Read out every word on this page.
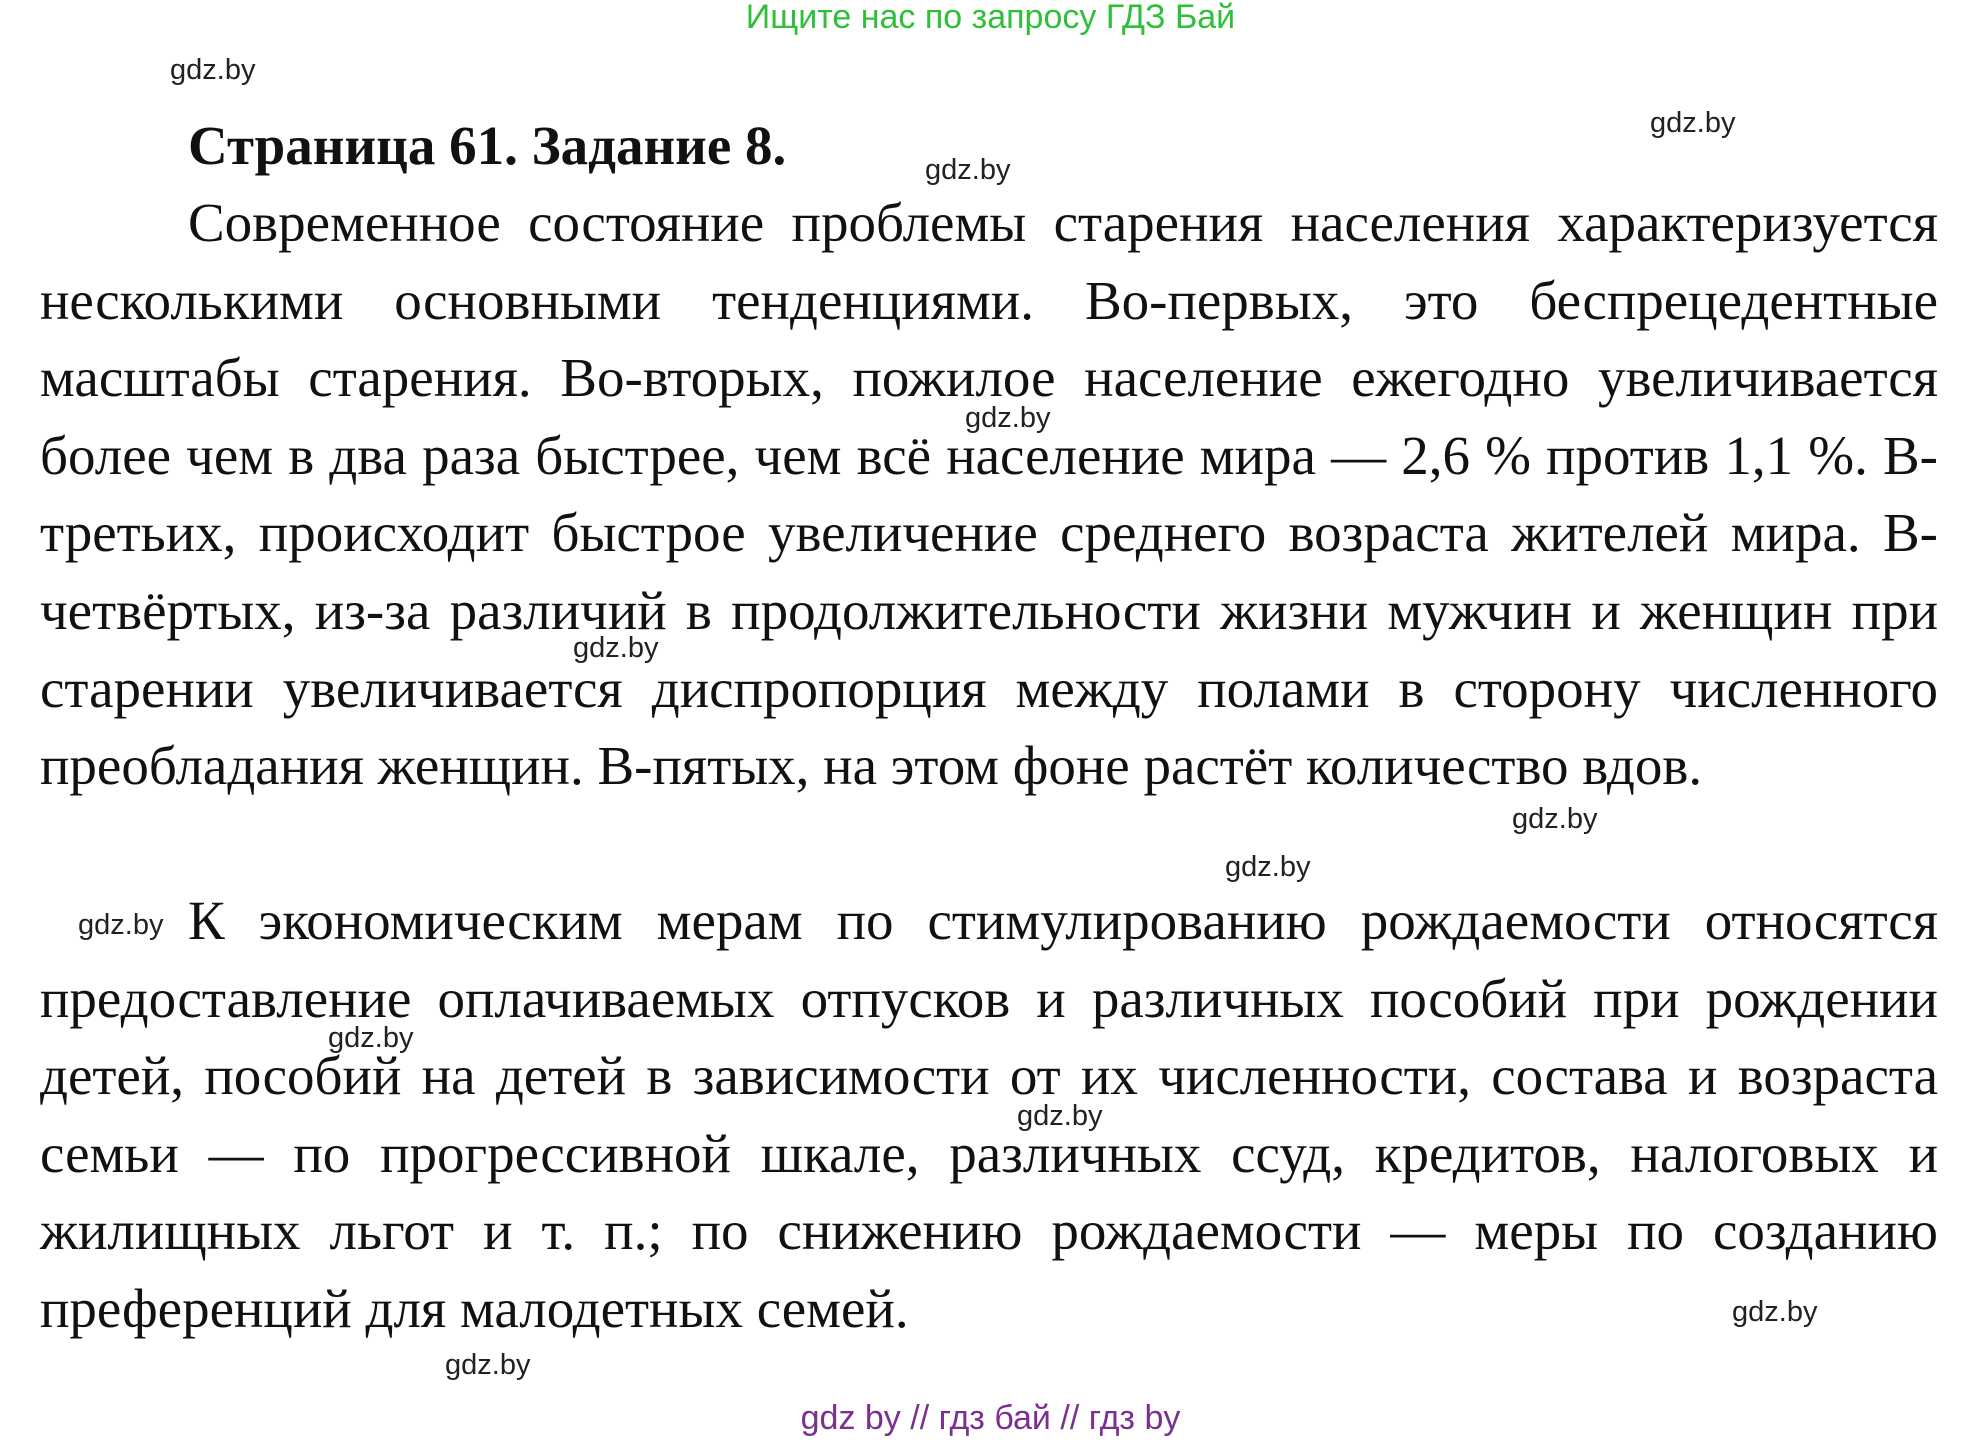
Ищите нас по запросу ГДЗ Бай
Страница 61. Задание 8.

Современное состояние проблемы старения населения характеризуется несколькими основными тенденциями. Во-первых, это беспрецедентные масштабы старения. Во-вторых, пожилое население ежегодно увеличивается более чем в два раза быстрее, чем всё население мира — 2,6 % против 1,1 %. В-третьих, происходит быстрое увеличение среднего возраста жителей мира. В-четвёртых, из-за различий в продолжительности жизни мужчин и женщин при старении увеличивается диспропорция между полами в сторону численного преобладания женщин. В-пятых, на этом фоне растёт количество вдов.

К экономическим мерам по стимулированию рождаемости относятся предоставление оплачиваемых отпусков и различных пособий при рождении детей, пособий на детей в зависимости от их численности, состава и возраста семьи — по прогрессивной шкале, различных ссуд, кредитов, налоговых и жилищных льгот и т. п.; по снижению рождаемости — меры по созданию преференций для малодетных семей.

gdz.by
gdz.by
gdz.by
gdz.by
gdz.by
gdz.by
gdz.by
gdz.by
gdz.by
gdz.by
gdz.by
gdz.by
gdz by // гдз бай // гдз by
